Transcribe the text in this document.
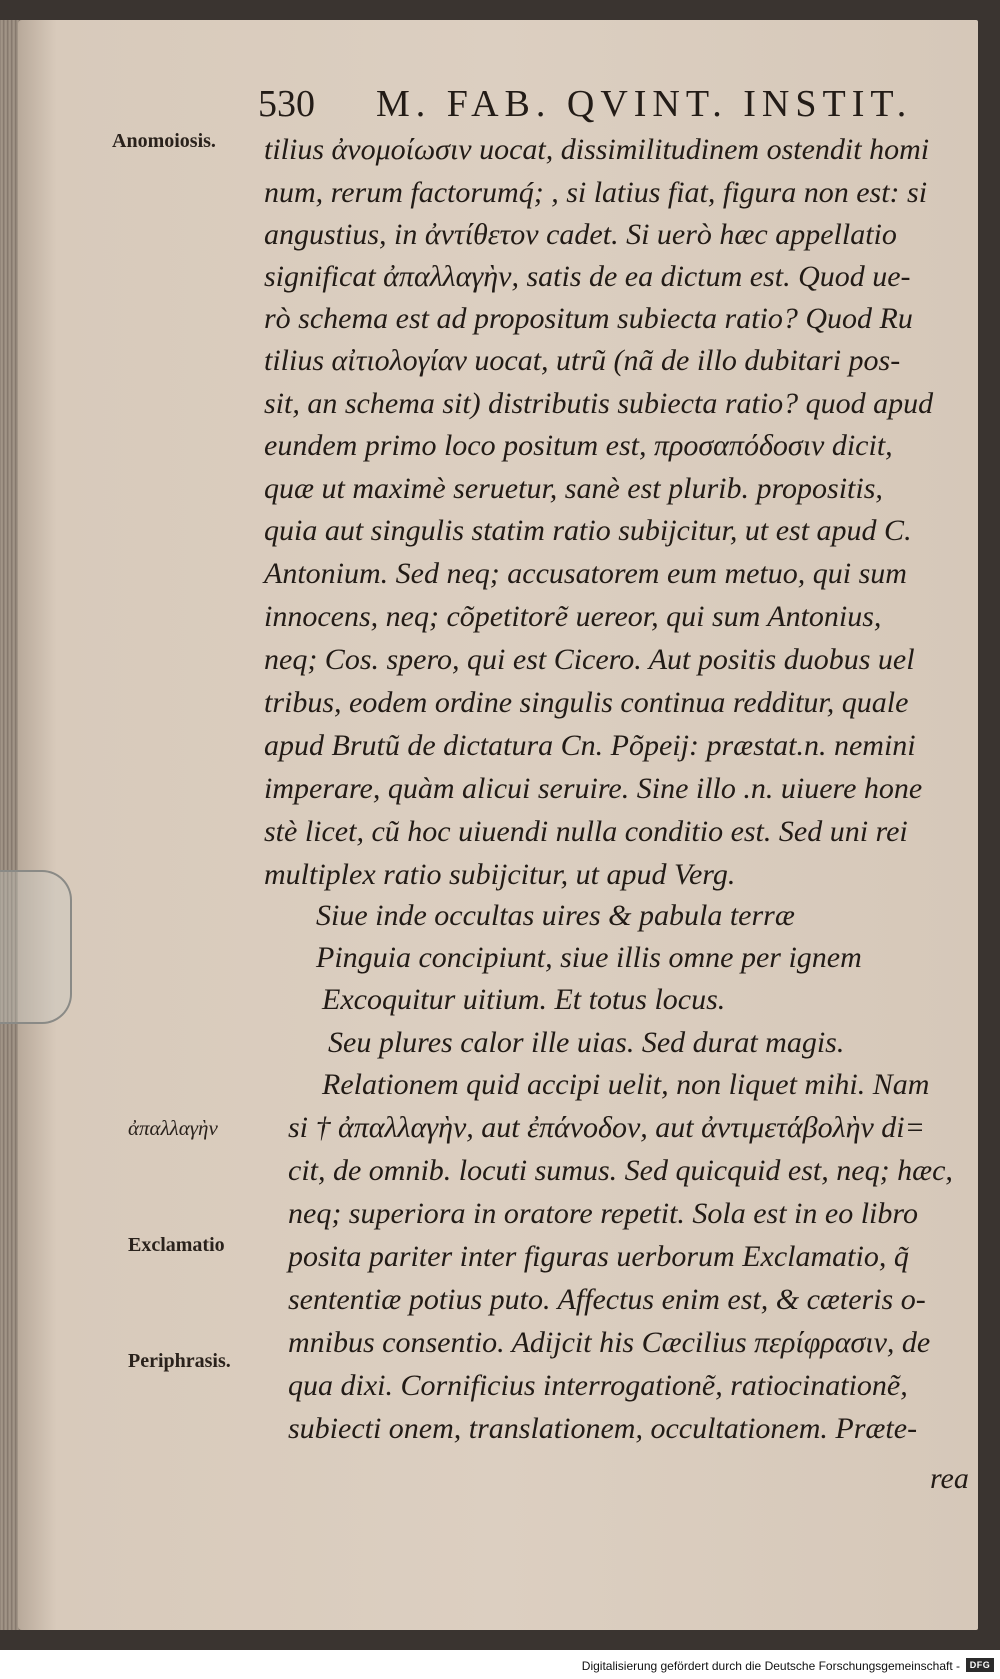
530 M. FAB. QVINT. INSTIT.
Anomoiosis.
ἀπαλλαγὴν
Exclamatio
Periphrasis.
tilius ἀνομοίωσιν uocat, dissimilitudinem ostendit homi
num, rerum factorumq́; , si latius fiat, figura non est: si
angustius, in ἀντίθετον cadet. Si uerò hæc appellatio
significat ἀπαλλαγὴν, satis de ea dictum est. Quod ue-
rò schema est ad propositum subiecta ratio? Quod Ru
tilius αἰτιολογίαν uocat, utrũ (nã de illo dubitari pos-
sit, an schema sit) distributis subiecta ratio? quod apud
eundem primo loco positum est, προσαπόδοσιν dicit,
quæ ut maximè seruetur, sanè est plurib. propositis,
quia aut singulis statim ratio subijcitur, ut est apud C.
Antonium. Sed neq; accusatorem eum metuo, qui sum
innocens, neq; cõpetitorẽ uereor, qui sum Antonius,
neq; Cos. spero, qui est Cicero. Aut positis duobus uel
tribus, eodem ordine singulis continua redditur, quale
apud Brutũ de dictatura Cn. Põpeij: præstat.n. nemini
imperare, quàm alicui seruire. Sine illo .n. uiuere hone
stè licet, cũ hoc uiuendi nulla conditio est. Sed uni rei
multiplex ratio subijcitur, ut apud Verg.
Siue inde occultas uires & pabula terræ
Pinguia concipiunt, siue illis omne per ignem
Excoquitur uitium. Et totus locus.
Seu plures calor ille uias. Sed durat magis.
Relationem quid accipi uelit, non liquet mihi. Nam
si † ἀπαλλαγὴν, aut ἐπάνοδον, aut ἀντιμετάβολὴν di=
cit, de omnib. locuti sumus. Sed quicquid est, neq; hæc,
neq; superiora in oratore repetit. Sola est in eo libro
posita pariter inter figuras uerborum Exclamatio, q̃
sententiæ potius puto. Affectus enim est, & cæteris o-
mnibus consentio. Adijcit his Cæcilius περίφρασιν, de
qua dixi. Cornificius interrogationẽ, ratiocinationẽ,
subiecti onem, translationem, occultationem. Præte-
rea
Digitalisierung gefördert durch die Deutsche Forschungsgemeinschaft -	DFG
